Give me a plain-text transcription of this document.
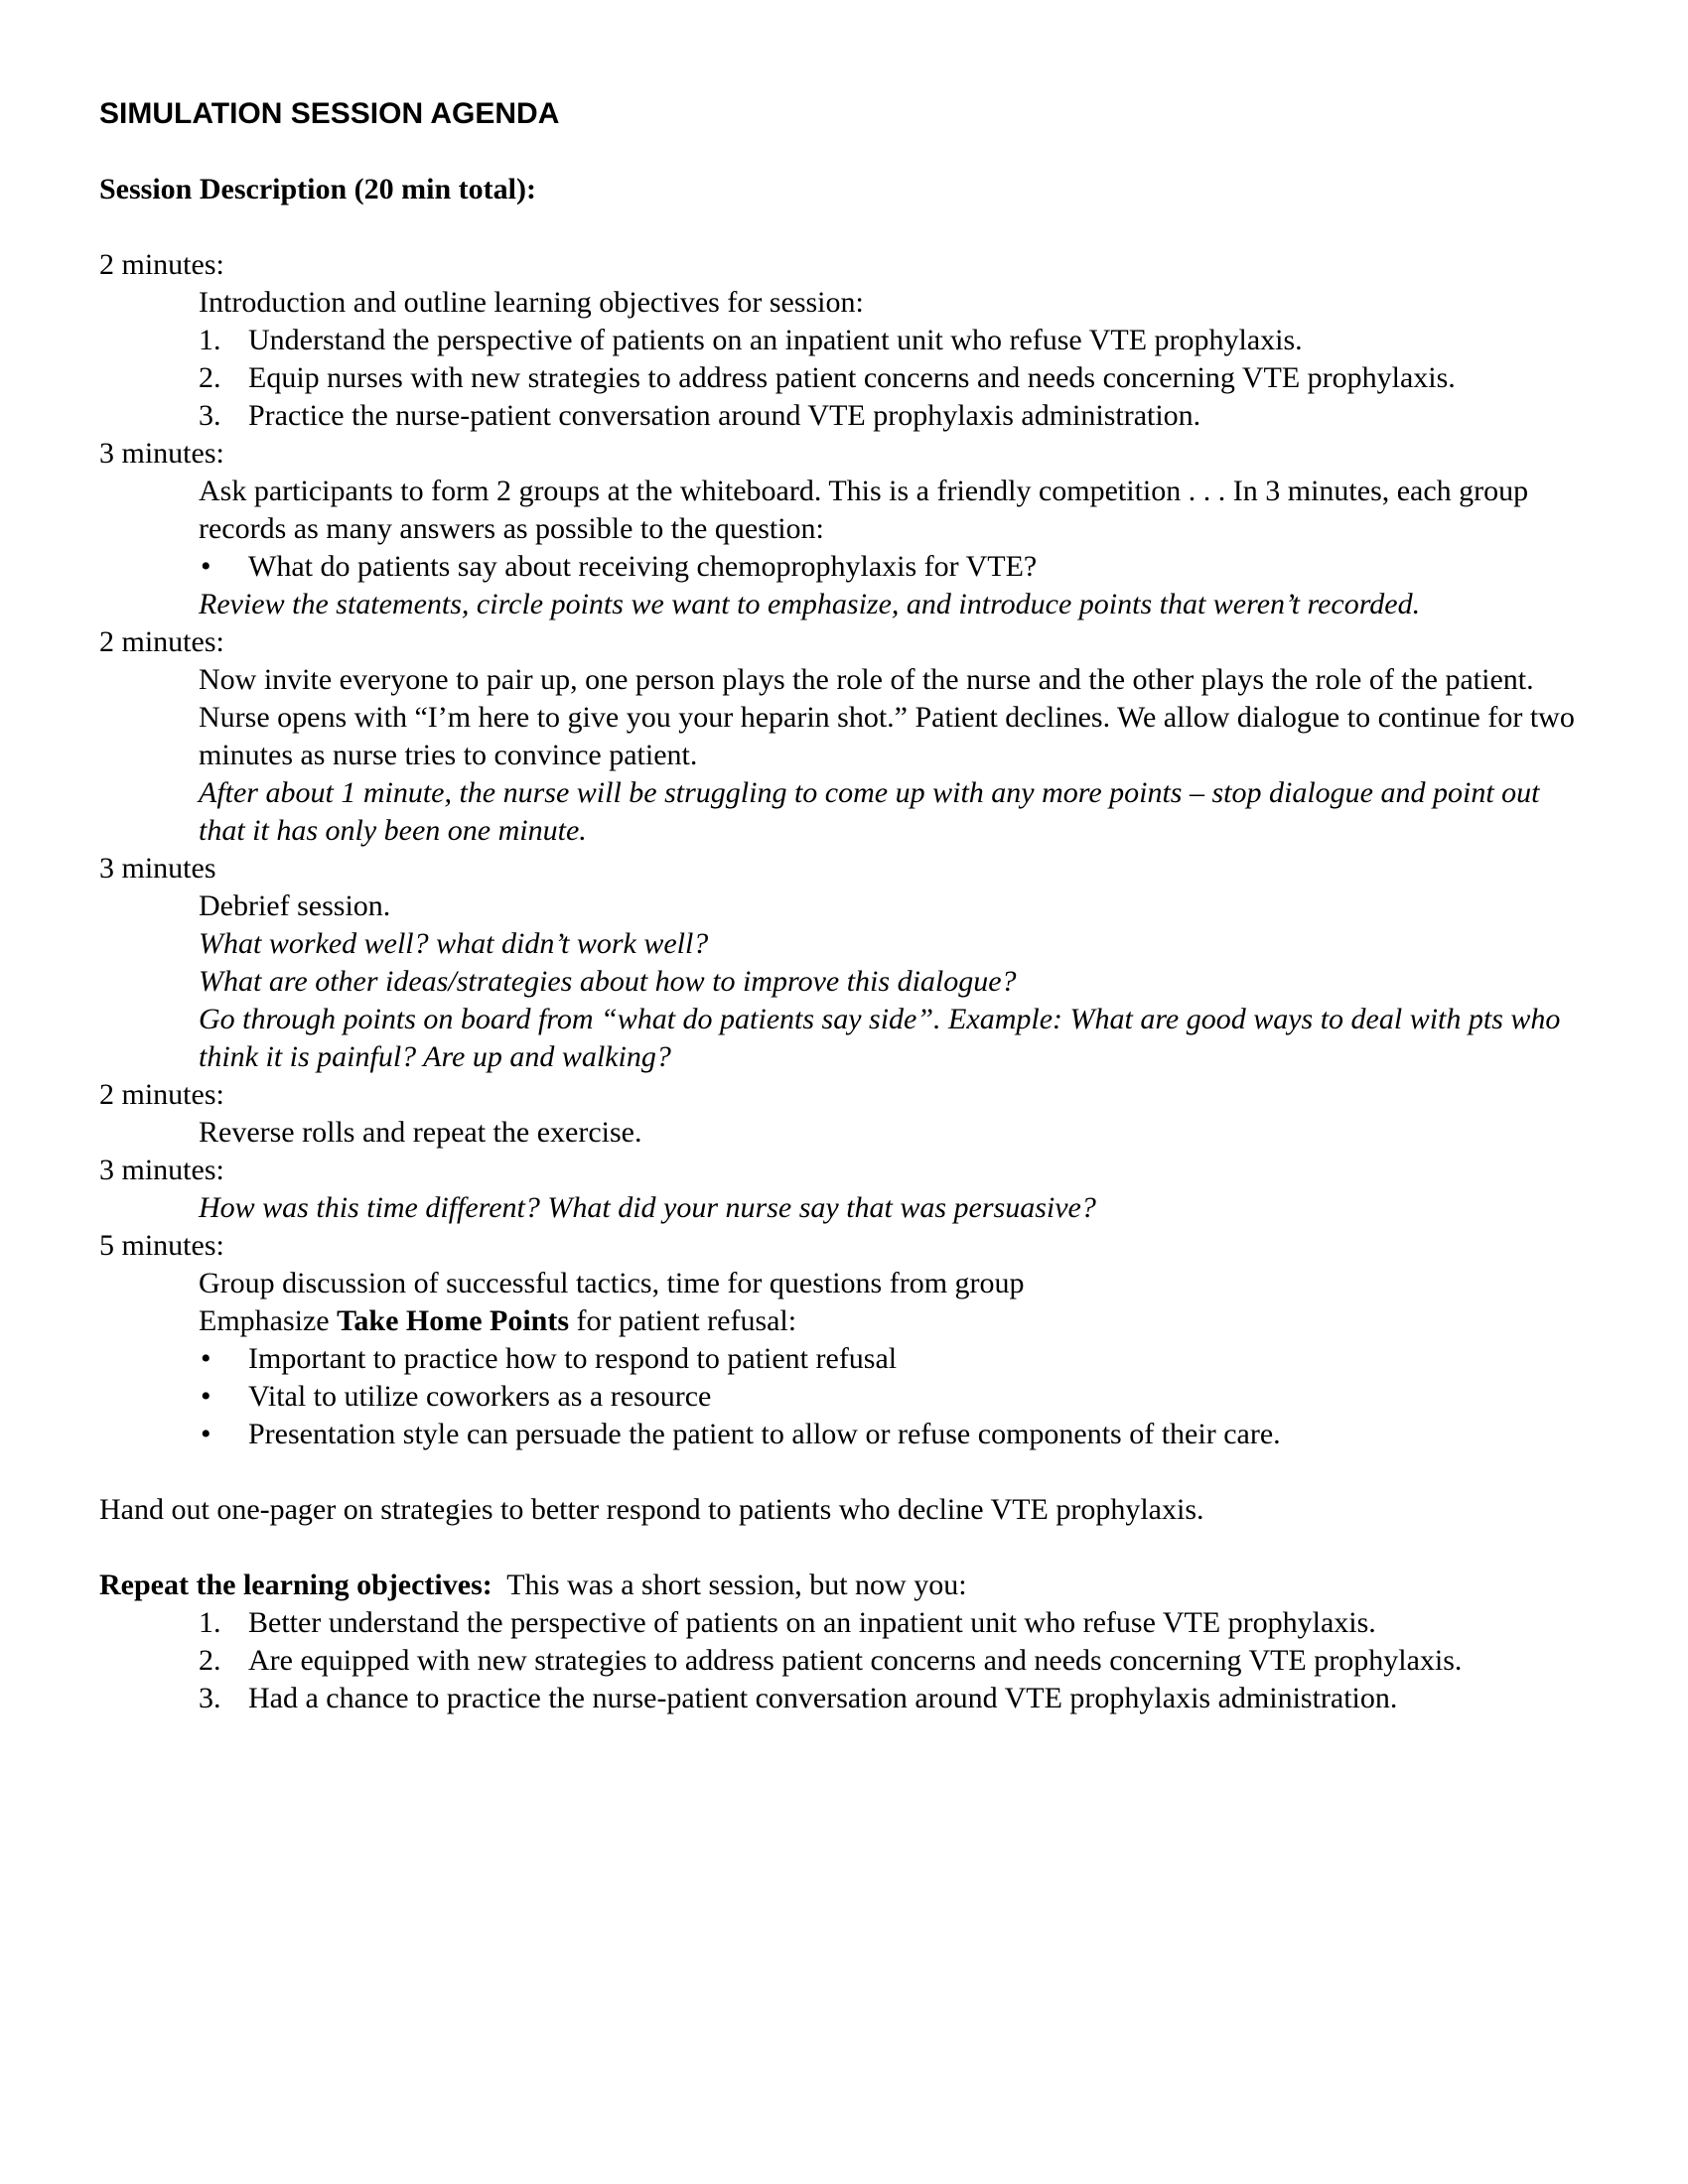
SIMULATION SESSION AGENDA
Session Description (20 min total):

2 minutes:

Introduction and outline learning objectives for session:

1. Understand the perspective of patients on an inpatient unit who refuse VTE prophylaxis.
2. Equip nurses with new strategies to address patient concerns and needs concerning VTE prophylaxis.
3. Practice the nurse-patient conversation around VTE prophylaxis administration.

3 minutes:

Ask participants to form 2 groups at the whiteboard. This is a friendly competition . . . In 3 minutes, each group records as many answers as possible to the question:

•	What do patients say about receiving chemoprophylaxis for VTE?

Review the statements, circle points we want to emphasize, and introduce points that weren’t recorded.

2 minutes:

Now invite everyone to pair up, one person plays the role of the nurse and the other plays the role of the patient. Nurse opens with “I’m here to give you your heparin shot.” Patient declines. We allow dialogue to continue for two minutes as nurse tries to convince patient.

After about 1 minute, the nurse will be struggling to come up with any more points – stop dialogue and point out that it has only been one minute.

3 minutes

Debrief session.

What worked well? what didn’t work well?

What are other ideas/strategies about how to improve this dialogue?

Go through points on board from “what do patients say side”. Example: What are good ways to deal with pts who think it is painful? Are up and walking?

2 minutes:

Reverse rolls and repeat the exercise.

3 minutes:

How was this time different? What did your nurse say that was persuasive?

5 minutes:

Group discussion of successful tactics, time for questions from group

Emphasize Take Home Points for patient refusal:

•	Important to practice how to respond to patient refusal
•	Vital to utilize coworkers as a resource
•	Presentation style can persuade the patient to allow or refuse components of their care.

Hand out one-pager on strategies to better respond to patients who decline VTE prophylaxis.

Repeat the learning objectives:  This was a short session, but now you:

1. Better understand the perspective of patients on an inpatient unit who refuse VTE prophylaxis.
2. Are equipped with new strategies to address patient concerns and needs concerning VTE prophylaxis.
3. Had a chance to practice the nurse-patient conversation around VTE prophylaxis administration.
